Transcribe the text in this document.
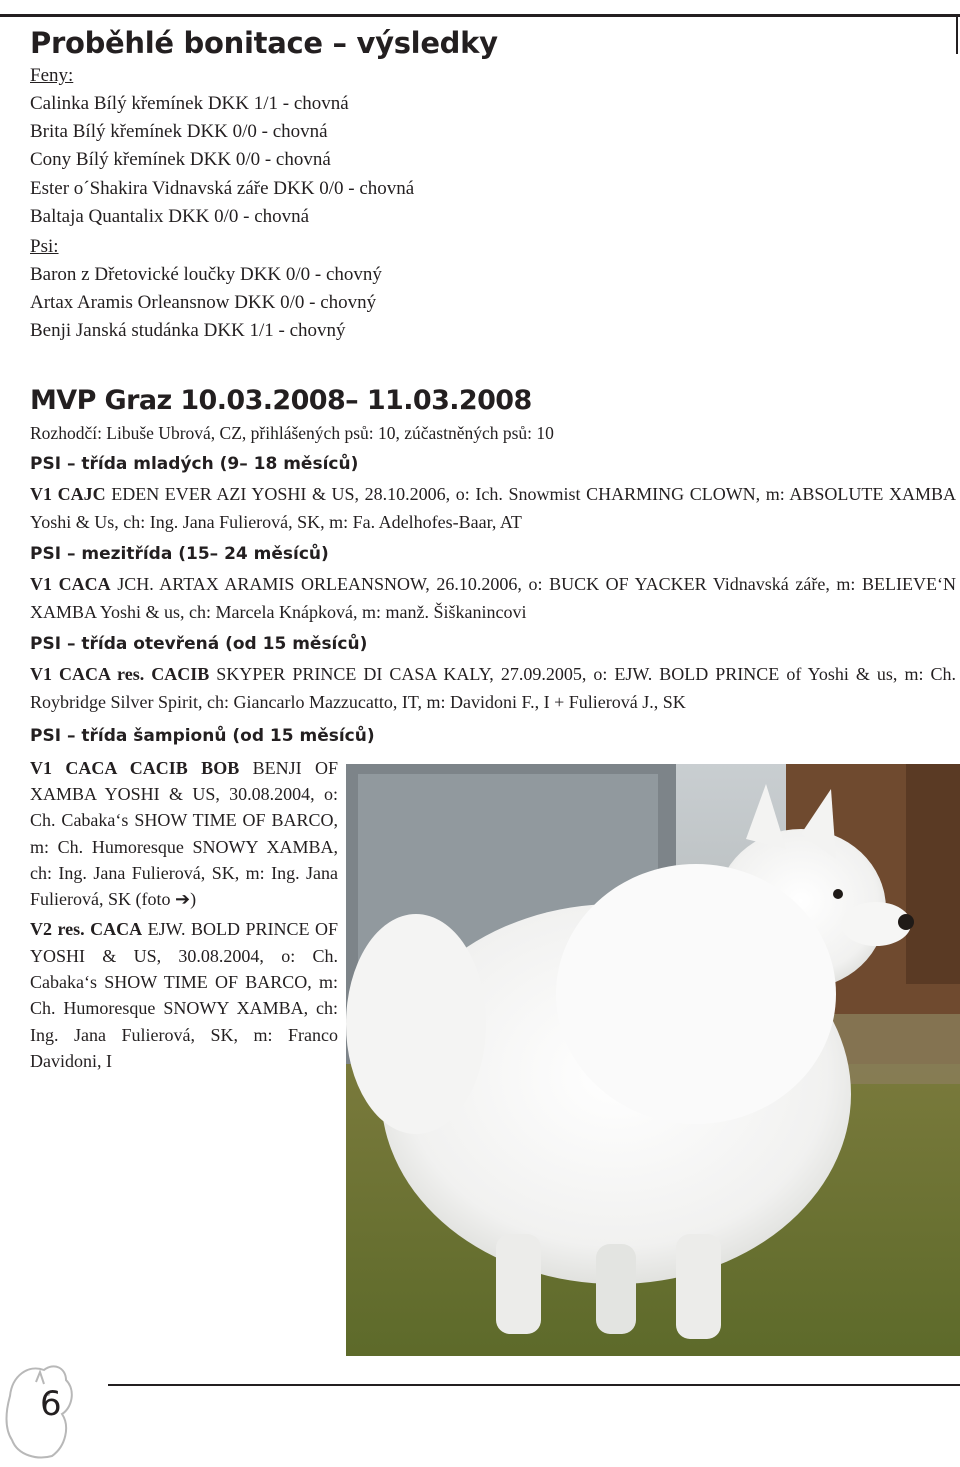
Proběhlé bonitace – výsledky
Feny:
Calinka Bílý křemínek DKK 1/1 - chovná
Brita Bílý křemínek DKK 0/0 - chovná
Cony Bílý křemínek DKK 0/0 - chovná
Ester o´Shakira Vidnavská záře DKK 0/0 - chovná
Baltaja Quantalix DKK 0/0 - chovná
Psi:
Baron z Dřetovické loučky DKK 0/0 - chovný
Artax Aramis Orleansnow DKK 0/0 - chovný
Benji Janská studánka DKK 1/1 - chovný
MVP Graz 10.03.2008– 11.03.2008
Rozhodčí: Libuše Ubrová, CZ, přihlášených psů: 10, zúčastněných psů: 10
PSI – třída mladých (9– 18 měsíců)
V1 CAJC EDEN EVER AZI YOSHI & US, 28.10.2006, o: Ich. Snowmist CHARMING CLOWN, m: ABSOLUTE XAMBA Yoshi & Us, ch: Ing. Jana Fulierová, SK, m: Fa. Adelhofes-Baar, AT
PSI – mezitřída (15– 24 měsíců)
V1 CACA JCH. ARTAX ARAMIS ORLEANSNOW, 26.10.2006, o: BUCK OF YACKER Vidnavská záře, m: BELIEVE‘N XAMBA Yoshi & us, ch: Marcela Knápková, m: manž. Šiškanincovi
PSI – třída otevřená (od 15 měsíců)
V1 CACA res. CACIB SKYPER PRINCE DI CASA KALY, 27.09.2005, o: EJW. BOLD PRINCE of Yoshi & us, m: Ch. Roybridge Silver Spirit, ch: Giancarlo Mazzucatto, IT, m: Davidoni F., I + Fulierová J., SK
PSI – třída šampionů (od 15 měsíců)
V1 CACA CACIB BOB BENJI OF XAMBA YOSHI & US, 30.08.2004, o: Ch. Cabaka‘s SHOW TIME OF BARCO, m: Ch. Humoresque SNOWY XAMBA, ch: Ing. Jana Fulierová, SK, m: Ing. Jana Fulierová, SK (foto ➔)
V2 res. CACA EJW. BOLD PRINCE OF YOSHI & US, 30.08.2004, o: Ch. Cabaka‘s SHOW TIME OF BARCO, m: Ch. Humoresque SNOWY XAMBA, ch: Ing. Jana Fulierová, SK, m: Franco Davidoni, I
6
